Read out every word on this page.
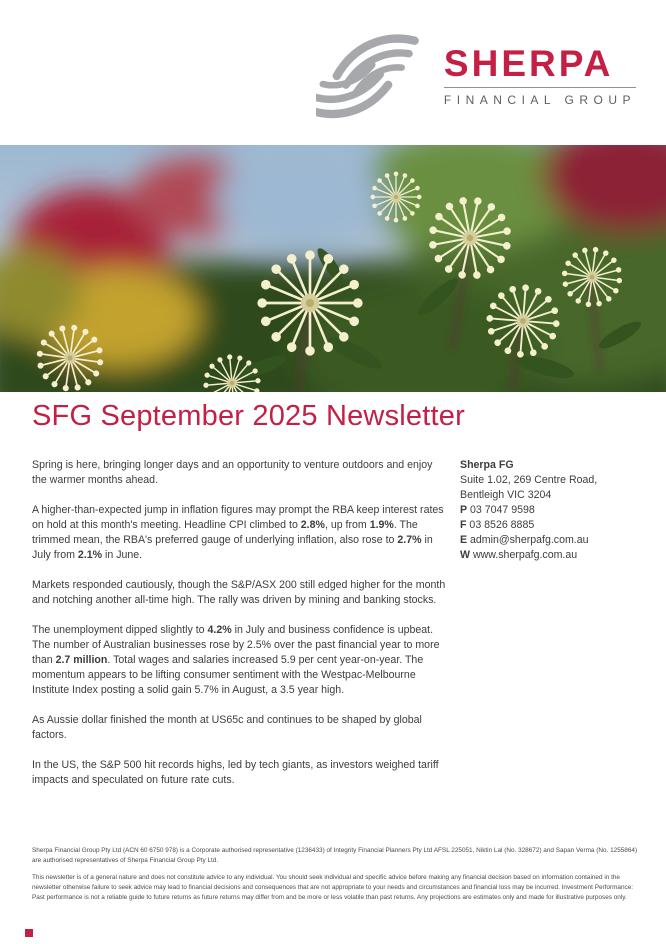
SHERPA
FINANCIAL GROUP
SFG September 2025 Newsletter

Spring is here, bringing longer days and an opportunity to venture outdoors and enjoy the warmer months ahead.

A higher-than-expected jump in inflation figures may prompt the RBA keep interest rates on hold at this month's meeting. Headline CPI climbed to 2.8%, up from 1.9%. The trimmed mean, the RBA's preferred gauge of underlying inflation, also rose to 2.7% in July from 2.1% in June.

Markets responded cautiously, though the S&P/ASX 200 still edged higher for the month and notching another all-time high. The rally was driven by mining and banking stocks.

The unemployment dipped slightly to 4.2% in July and business confidence is upbeat. The number of Australian businesses rose by 2.5% over the past financial year to more than 2.7 million. Total wages and salaries increased 5.9 per cent year-on-year. The momentum appears to be lifting consumer sentiment with the Westpac-Melbourne Institute Index posting a solid gain 5.7% in August, a 3.5 year high.

As Aussie dollar finished the month at US65c and continues to be shaped by global factors.

In the US, the S&P 500 hit records highs, led by tech giants, as investors weighed tariff impacts and speculated on future rate cuts.

Sherpa FG

Suite 1.02, 269 Centre Road,

Bentleigh VIC 3204

P 03 7047 9598

F 03 8526 8885

E admin@sherpafg.com.au

W www.sherpafg.com.au

Sherpa Financial Group Pty Ltd (ACN 60 6750 978) is a Corporate authorised representative (1236433) of Integrity Financial Planners Pty Ltd AFSL 225051, Niktin Lal (No. 328672) and Sapan Verma (No. 1255864) are authorised representatives of Sherpa Financial Group Pty Ltd.

This newsletter is of a general nature and does not constitute advice to any individual. You should seek individual and specific advice before making any financial decision based on information contained in the newsletter otherwise failure to seek advice may lead to financial decisions and consequences that are not appropriate to your needs and circumstances and financial loss may be incurred. Investment Performance: Past performance is not a reliable guide to future returns as future returns may differ from and be more or less volatile than past returns. Any projections are estimates only and made for illustrative purposes only.
